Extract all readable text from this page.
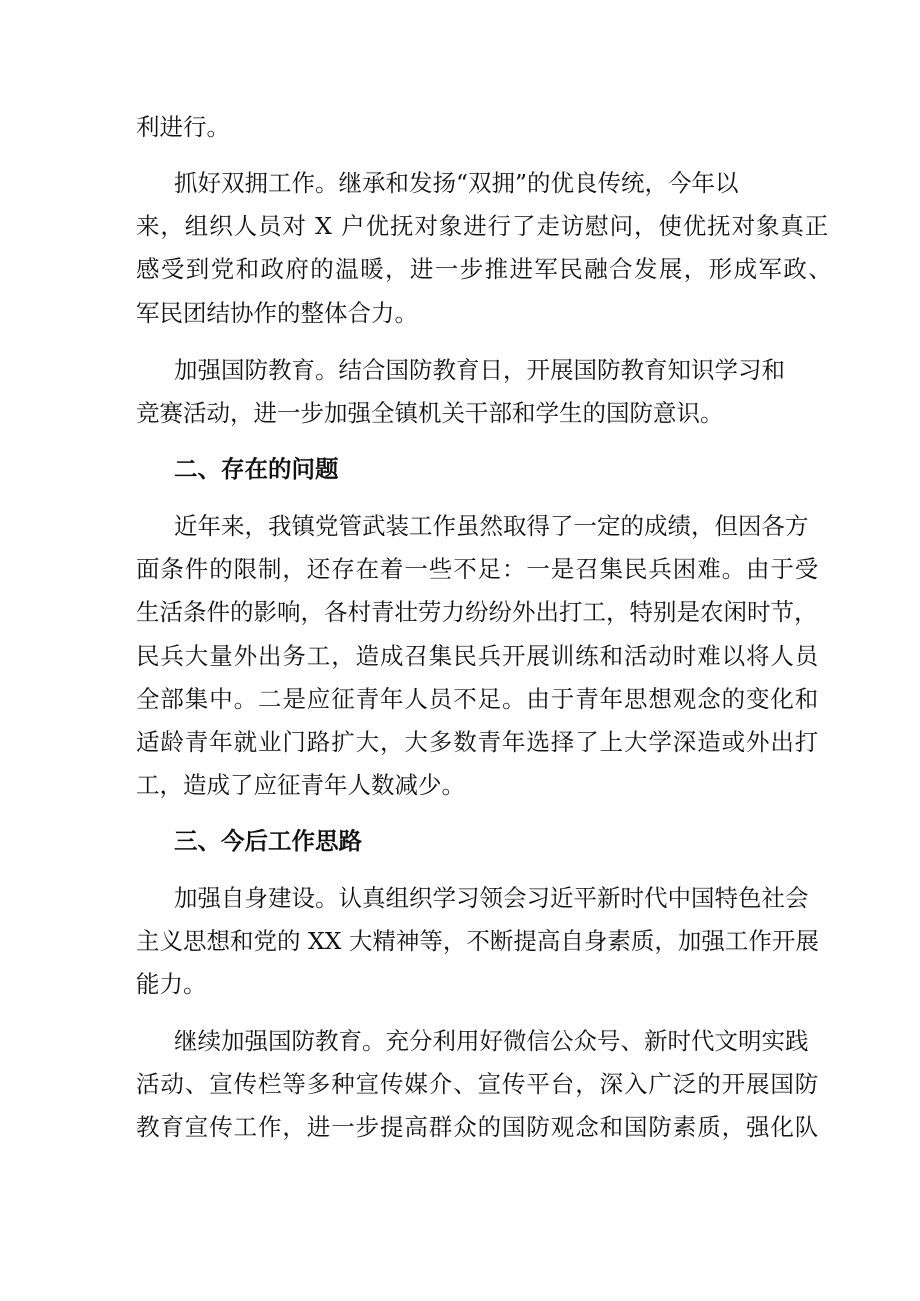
利进行。

抓好双拥工作。继承和发扬“双拥”的优良传统，今年以

来，组织人员对 X 户优抚对象进行了走访慰问，使优抚对象真正

感受到党和政府的温暖，进一步推进军民融合发展，形成军政、

军民团结协作的整体合力。

加强国防教育。结合国防教育日，开展国防教育知识学习和

竞赛活动，进一步加强全镇机关干部和学生的国防意识。

二、存在的问题

近年来，我镇党管武装工作虽然取得了一定的成绩，但因各方

面条件的限制，还存在着一些不足：一是召集民兵困难。由于受

生活条件的影响，各村青壮劳力纷纷外出打工，特别是农闲时节，

民兵大量外出务工，造成召集民兵开展训练和活动时难以将人员

全部集中。二是应征青年人员不足。由于青年思想观念的变化和

适龄青年就业门路扩大，大多数青年选择了上大学深造或外出打

工，造成了应征青年人数减少。

三、今后工作思路

加强自身建设。认真组织学习领会习近平新时代中国特色社会

主义思想和党的 XX 大精神等，不断提高自身素质，加强工作开展

能力。

继续加强国防教育。充分利用好微信公众号、新时代文明实践

活动、宣传栏等多种宣传媒介、宣传平台，深入广泛的开展国防

教育宣传工作，进一步提高群众的国防观念和国防素质，强化队
